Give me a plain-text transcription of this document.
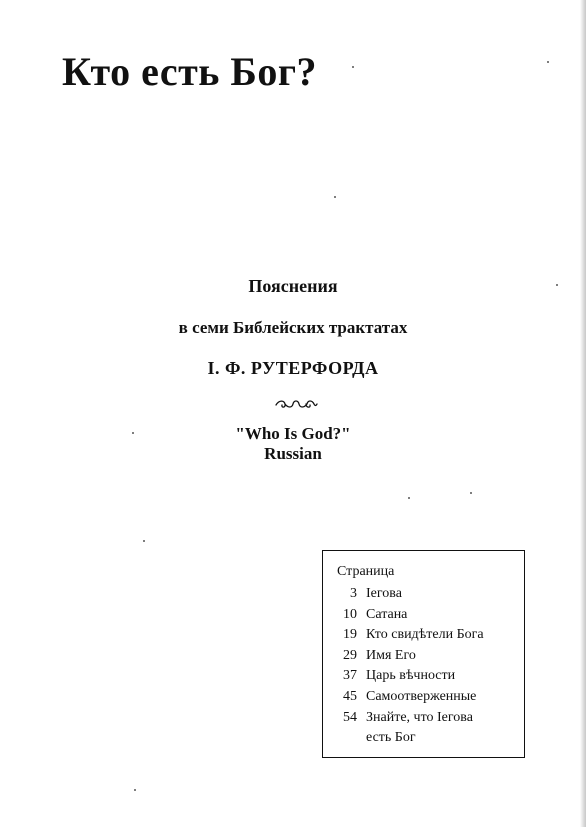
Кто есть Бог?

Пояснения

в семи Библейских трактатах

I. Ф. РУТЕРФОРДА

"Who Is God?"

Russian

Страница
3 Iегова
10 Сатана
19 Кто свидѣтели Бога
29 Имя Его
37 Царь вѣчности
45 Самоотверженные
54 Знайте, что Iегова
есть Бог
